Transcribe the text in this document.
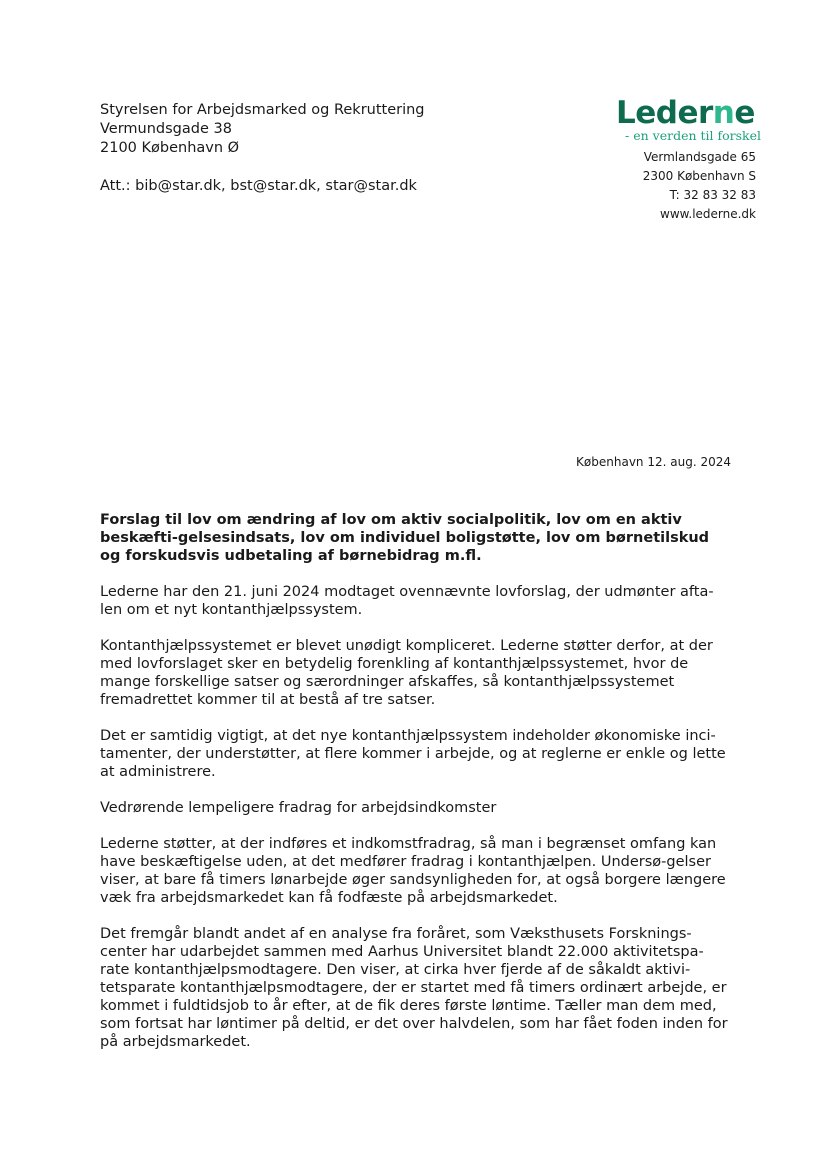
Styrelsen for Arbejdsmarked og Rekruttering
Vermundsgade 38
2100 København Ø
Att.: bib@star.dk, bst@star.dk, star@star.dk
Lederne
- en verden til forskel
Vermlandsgade 65
2300 København S
T: 32 83 32 83
www.lederne.dk
København 12. aug. 2024
Forslag til lov om ændring af lov om aktiv socialpolitik, lov om en aktiv beskæfti-gelsesindsats, lov om individuel boligstøtte, lov om børnetilskud og forskudsvis udbetaling af børnebidrag m.fl.

Lederne har den 21. juni 2024 modtaget ovennævnte lovforslag, der udmønter afta-len om et nyt kontanthjælpssystem.

Kontanthjælpssystemet er blevet unødigt kompliceret. Lederne støtter derfor, at der med lovforslaget sker en betydelig forenkling af kontanthjælpssystemet, hvor de mange forskellige satser og særordninger afskaffes, så kontanthjælpssystemet fremadrettet kommer til at bestå af tre satser.

Det er samtidig vigtigt, at det nye kontanthjælpssystem indeholder økonomiske inci-tamenter, der understøtter, at flere kommer i arbejde, og at reglerne er enkle og lette at administrere.

Vedrørende lempeligere fradrag for arbejdsindkomster

Lederne støtter, at der indføres et indkomstfradrag, så man i begrænset omfang kan have beskæftigelse uden, at det medfører fradrag i kontanthjælpen. Undersø-gelser viser, at bare få timers lønarbejde øger sandsynligheden for, at også borgere længere væk fra arbejdsmarkedet kan få fodfæste på arbejdsmarkedet.

Det fremgår blandt andet af en analyse fra foråret, som Væksthusets Forsknings-center har udarbejdet sammen med Aarhus Universitet blandt 22.000 aktivitetspa-rate kontanthjælpsmodtagere. Den viser, at cirka hver fjerde af de såkaldt aktivi-tetsparate kontanthjælpsmodtagere, der er startet med få timers ordinært arbejde, er kommet i fuldtidsjob to år efter, at de fik deres første løntime. Tæller man dem med, som fortsat har løntimer på deltid, er det over halvdelen, som har fået foden inden for på arbejdsmarkedet.
